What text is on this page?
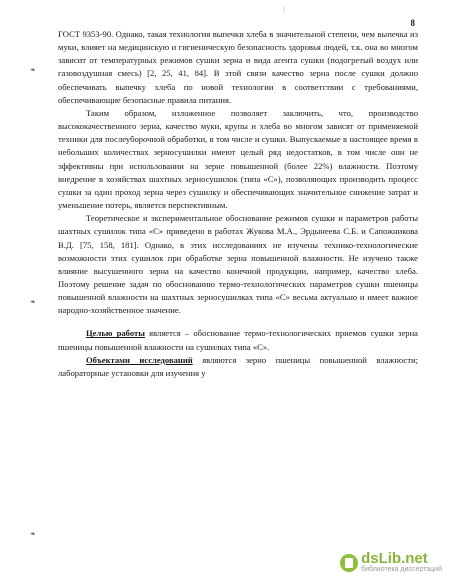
\
8
❧
❧
❧

ГОСТ 9353-90. Однако, такая технология выпечки хлеба в значительной степени, чем выпечка из муки, влияет на медицинскую и гигиеническую безопасность здоровья людей, т.к. она во многом зависит от температурных режимов сушки зерна и вида агента сушки (подогретый воздух или газовоздушная смесь) [2, 25, 41, 84]. В этой связи качество зерна после сушки должно обеспечивать выпечку хлеба по новой технологии в соответствии с требованиями, обеспечивающие безопасные правила питания.

Таким образом, изложенное позволяет заключить, что, производство высококачественного зерна, качество муки, крупы и хлеба во многом зависят от применяемой техники для послеуборочной обработки, в том числе и сушки. Выпускаемые в настоящее время в небольших количествах зерносушилки имеют целый ряд недостатков, в том числе они не эффективны при использовании на зерне повышенной (более 22%) влажности. Поэтому внедрение в хозяйствах шахтных зерносушилок (типа «С»), позволяющих производить процесс сушки за один проход зерна через сушилку и обеспечивающих значительное снижение затрат и уменьшение потерь, является перспективным.

Теоретическое и экспериментальное обоснование режимов сушки и параметров работы шахтных сушилок типа «С» приведено в работах Жукова М.А., Эрдынеева С.Б. и Сапожникова В.Д. [75, 158, 181]. Однако, в этих исследованиях не изучены технико-технологические возможности этих сушилок при обработке зерна повышенной влажности. Не изучено также влияние высушенного зерна на качество конечной продукции, например, качество хлеба. Поэтому решение задач по обоснованию термо-технологических параметров сушки пшеницы повышенной влажности на шахтных зерносушилках типа «С» весьма актуально и имеет важное народно-хозяйственное значение.

Целью работы является – обоснование термо-технологических приемов сушки зерна пшеницы повышенной влажности на сушилках типа «С».

Объектами исследований являются зерно пшеницы повышенной влажности; лабораторные установки для изучения у

dsLib.net
библиотека диссертаций
